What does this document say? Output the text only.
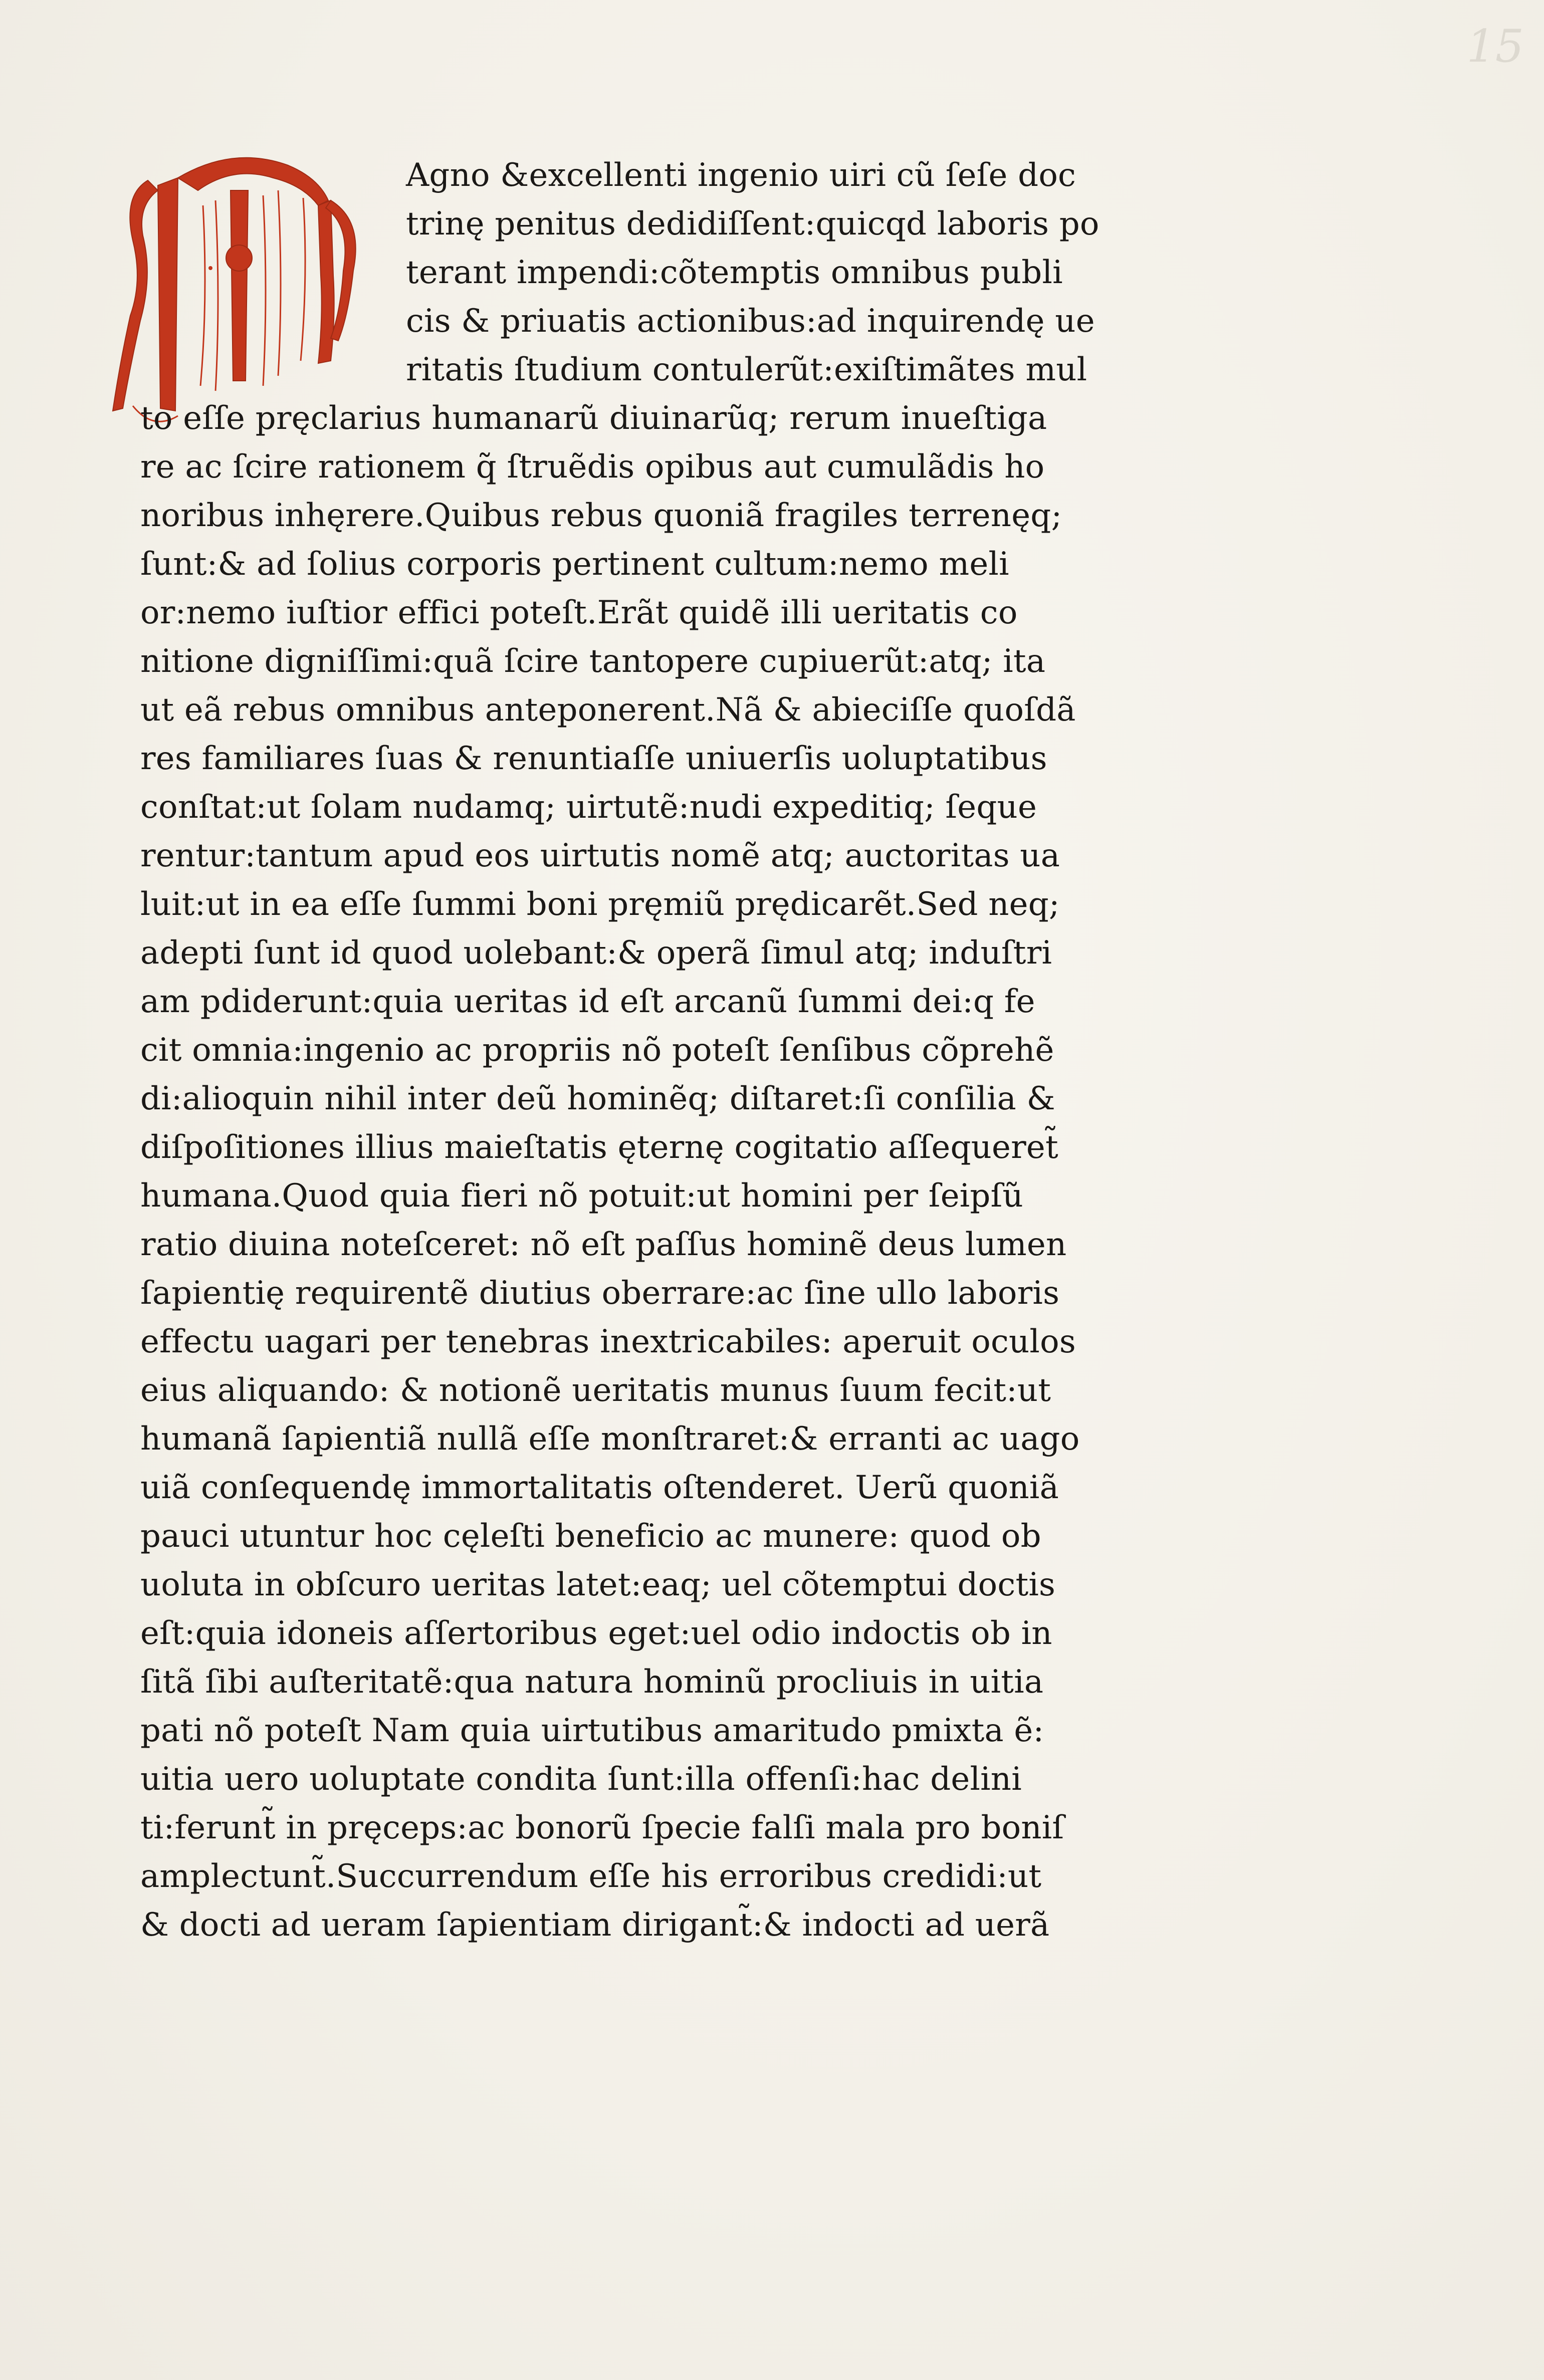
15
Agno &excellenti ingenio uiri cũ ſeſe doc
trinę penitus dedidiſſent:quicqd laboris po
terant impendi:cõtemptis omnibus publi
cis & priuatis actionibus:ad inquirendę ue
ritatis ſtudium contulerũt:exiſtimãtes mul
to eſſe pręclarius humanarũ diuinarũq; rerum inueſtiga
re ac ſcire rationem q̃ ſtruẽdis opibus aut cumulãdis ho
noribus inhęrere.Quibus rebus quoniã fragiles terrenęq;
ſunt:& ad ſolius corporis pertinent cultum:nemo meli
or:nemo iuſtior effici poteſt.Erãt quidẽ illi ueritatis co
nitione digniſſimi:quã ſcire tantopere cupiuerũt:atq; ita
ut eã rebus omnibus anteponerent.Nã & abieciſſe quoſdã
res familiares ſuas & renuntiaſſe uniuerſis uoluptatibus
conſtat:ut ſolam nudamq; uirtutẽ:nudi expeditiq; ſeque
rentur:tantum apud eos uirtutis nomẽ atq; auctoritas ua
luit:ut in ea eſſe ſummi boni pręmiũ prędicarẽt.Sed neq;
adepti ſunt id quod uolebant:& operã ſimul atq; induſtri
am pdiderunt:quia ueritas id eſt arcanũ ſummi dei:q fe
cit omnia:ingenio ac propriis nõ poteſt ſenſibus cõprehẽ
di:alioquin nihil inter deũ hominẽq; diſtaret:ſi conſilia &
diſpoſitiones illius maieſtatis ęternę cogitatio aſſequeret̃
humana.Quod quia fieri nõ potuit:ut homini per ſeipſũ
ratio diuina noteſceret: nõ eſt paſſus hominẽ deus lumen
ſapientię requirentẽ diutius oberrare:ac ſine ullo laboris
effectu uagari per tenebras inextricabiles: aperuit oculos
eius aliquando: & notionẽ ueritatis munus ſuum fecit:ut
humanã ſapientiã nullã eſſe monſtraret:& erranti ac uago
uiã conſequendę immortalitatis oſtenderet. Uerũ quoniã
pauci utuntur hoc cęleſti beneficio ac munere: quod ob
uoluta in obſcuro ueritas latet:eaq; uel cõtemptui doctis
eſt:quia idoneis aſſertoribus eget:uel odio indoctis ob in
ſitã ſibi auſteritatẽ:qua natura hominũ procliuis in uitia
pati nõ poteſt Nam quia uirtutibus amaritudo pmixta ẽ:
uitia uero uoluptate condita ſunt:illa offenſi:hac delini
ti:ferunt̃ in pręceps:ac bonorũ ſpecie falſi mala pro boniſ
amplectunt̃.Succurrendum eſſe his erroribus credidi:ut
& docti ad ueram ſapientiam dirigant̃:& indocti ad uerã
